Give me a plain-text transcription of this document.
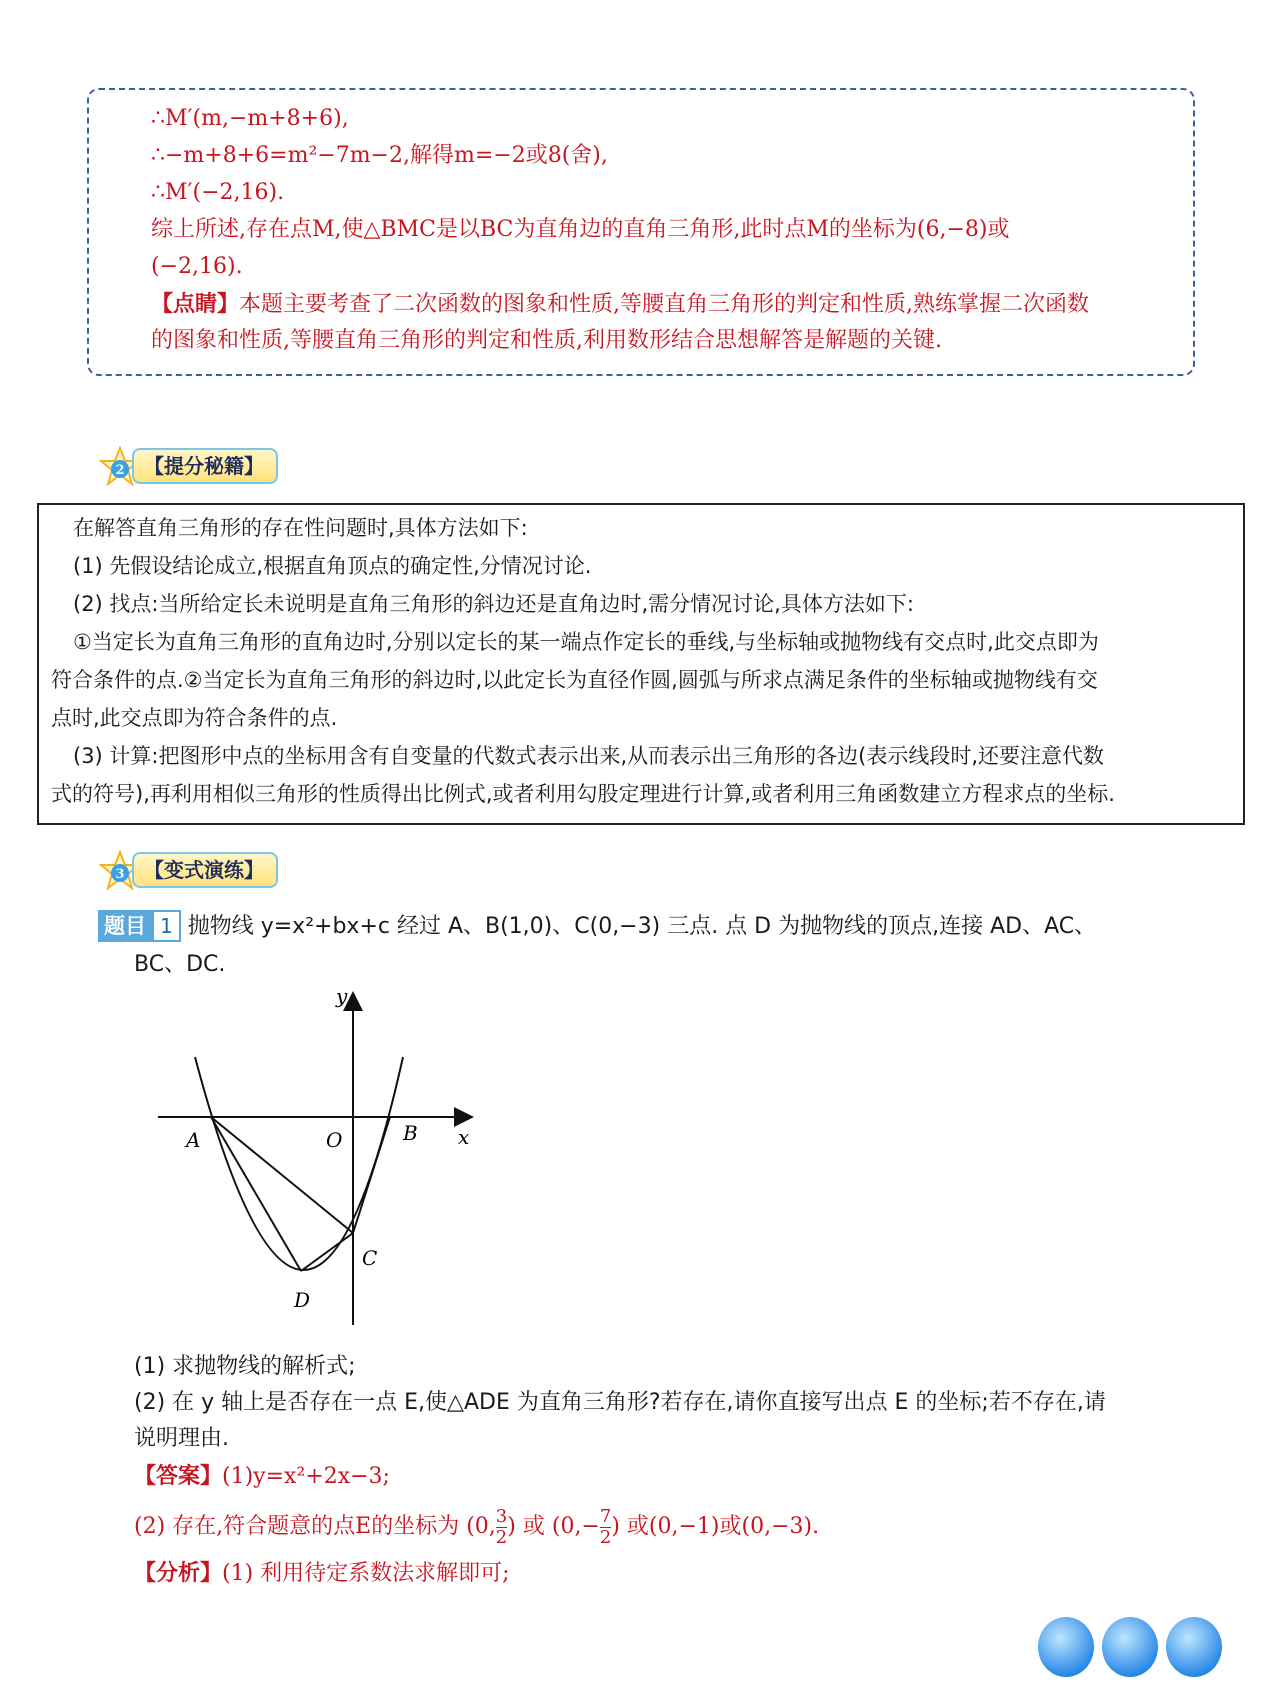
∴M′(m,−m+8+6),
∴−m+8+6=m²−7m−2,解得m=−2或8(舍),
∴M′(−2,16).
综上所述,存在点M,使△BMC是以BC为直角边的直角三角形,此时点M的坐标为(6,−8)或
(−2,16).
【点睛】本题主要考查了二次函数的图象和性质,等腰直角三角形的判定和性质,熟练掌握二次函数
的图象和性质,等腰直角三角形的判定和性质,利用数形结合思想解答是解题的关键.
2 【提分秘籍】

在解答直角三角形的存在性问题时,具体方法如下:

(1) 先假设结论成立,根据直角顶点的确定性,分情况讨论.

(2) 找点:当所给定长未说明是直角三角形的斜边还是直角边时,需分情况讨论,具体方法如下:

①当定长为直角三角形的直角边时,分别以定长的某一端点作定长的垂线,与坐标轴或抛物线有交点时,此交点即为

符合条件的点.②当定长为直角三角形的斜边时,以此定长为直径作圆,圆弧与所求点满足条件的坐标轴或抛物线有交

点时,此交点即为符合条件的点.

(3) 计算:把图形中点的坐标用含有自变量的代数式表示出来,从而表示出三角形的各边(表示线段时,还要注意代数

式的符号),再利用相似三角形的性质得出比例式,或者利用勾股定理进行计算,或者利用三角函数建立方程求点的坐标.

3 【变式演练】
题目 1 抛物线 y=x²+bx+c 经过 A、B(1,0)、C(0,−3) 三点. 点 D 为抛物线的顶点,连接 AD、AC、
BC、DC.
y
x
A	O	B
C
D
(1) 求抛物线的解析式;
(2) 在 y 轴上是否存在一点 E,使△ADE 为直角三角形?若存在,请你直接写出点 E 的坐标;若不存在,请
说明理由.
【答案】(1)y=x²+2x−3;
(2) 存在,符合题意的点E的坐标为 (0, $\frac{3}{2}$ ) 或 ($0,- \frac{7}{2}$ ) 或(0,−1)或(0,−3).
【分析】(1) 利用待定系数法求解即可;
